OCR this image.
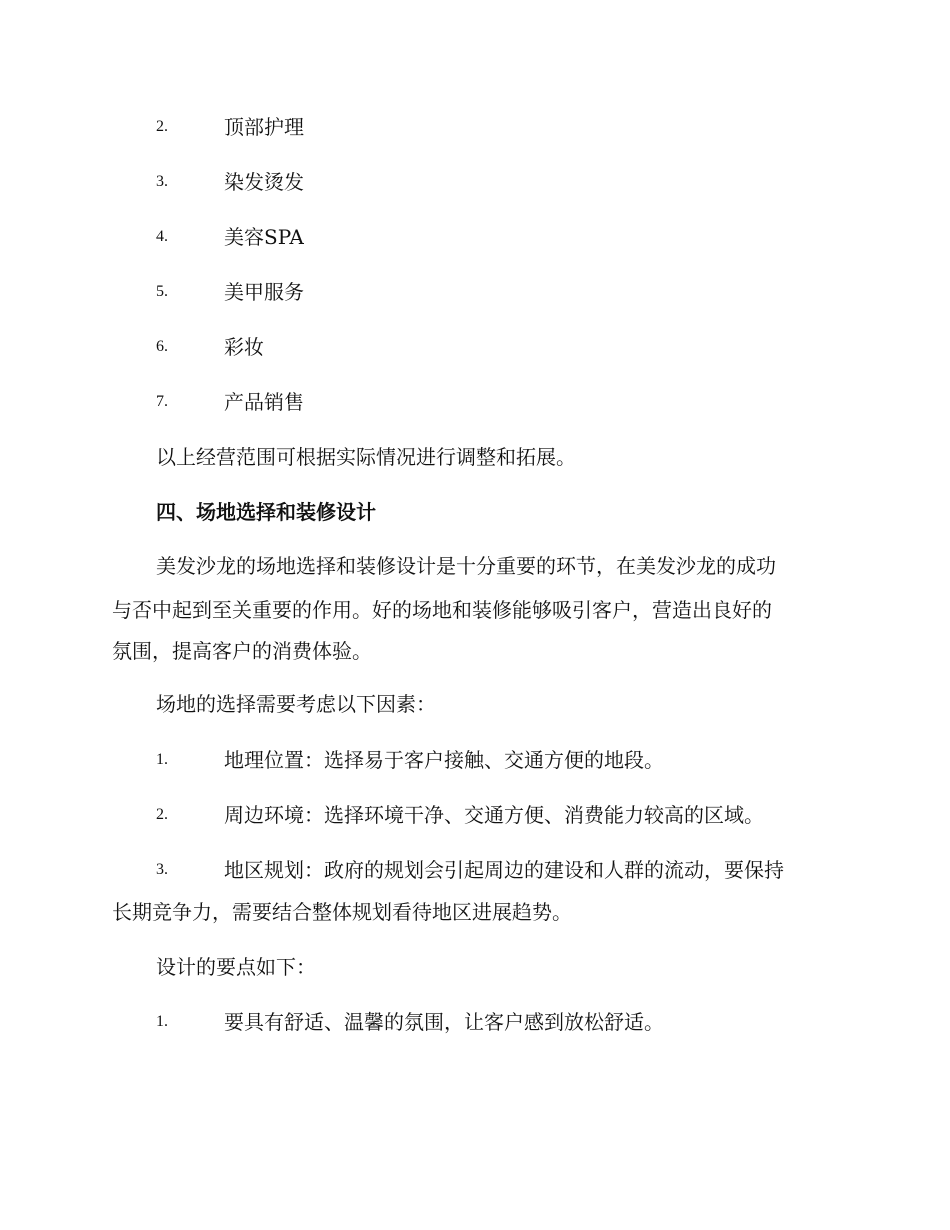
2.	顶部护理
3.	染发烫发
4.	美容SPA
5.	美甲服务
6.	彩妆
7.	产品销售
以上经营范围可根据实际情况进行调整和拓展。
四、场地选择和装修设计
美发沙龙的场地选择和装修设计是十分重要的环节，在美发沙龙的成功
与否中起到至关重要的作用。好的场地和装修能够吸引客户，营造出良好的
氛围，提高客户的消费体验。
场地的选择需要考虑以下因素：
1.	地理位置：选择易于客户接触、交通方便的地段。
2.	周边环境：选择环境干净、交通方便、消费能力较高的区域。
3.	地区规划：政府的规划会引起周边的建设和人群的流动，要保持
长期竞争力，需要结合整体规划看待地区进展趋势。
设计的要点如下：
1.	要具有舒适、温馨的氛围，让客户感到放松舒适。
